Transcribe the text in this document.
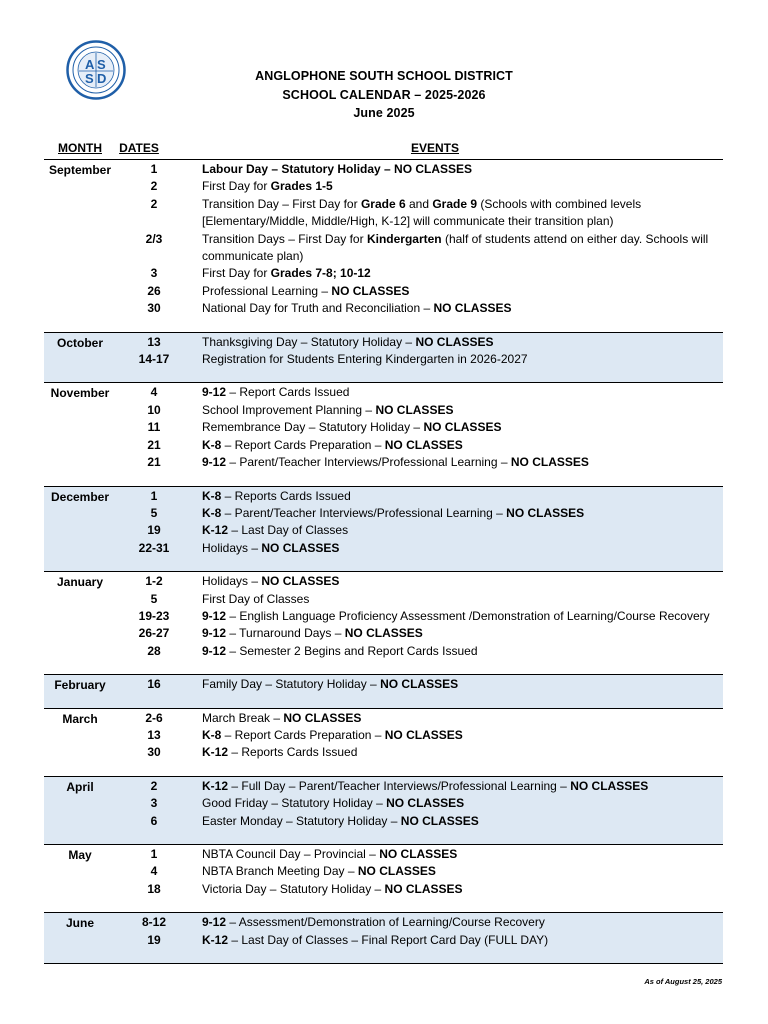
A S
S D	ANGLOPHONE SOUTH SCHOOL DISTRICT
SCHOOL CALENDAR – 2025-2026
June 2025
MONTH	DATES	EVENTS
September	1	Labour Day – Statutory Holiday – NO CLASSES
2	First Day for Grades 1-5
2	Transition Day – First Day for Grade 6 and Grade 9 (Schools with combined levels [Elementary/Middle, Middle/High, K-12] will communicate their transition plan)
2/3	Transition Days – First Day for Kindergarten (half of students attend on either day. Schools will communicate plan)
3	First Day for Grades 7-8; 10-12
26	Professional Learning – NO CLASSES
30	National Day for Truth and Reconciliation – NO CLASSES
October	13	Thanksgiving Day – Statutory Holiday – NO CLASSES
14-17	Registration for Students Entering Kindergarten in 2026-2027
November	4	9-12 – Report Cards Issued
10	School Improvement Planning – NO CLASSES
11	Remembrance Day – Statutory Holiday – NO CLASSES
21	K-8 – Report Cards Preparation – NO CLASSES
21	9-12 – Parent/Teacher Interviews/Professional Learning – NO CLASSES
December	1	K-8 – Reports Cards Issued
5	K-8 – Parent/Teacher Interviews/Professional Learning – NO CLASSES
19	K-12 – Last Day of Classes
22-31	Holidays – NO CLASSES
January	1-2	Holidays – NO CLASSES
5	First Day of Classes
19-23	9-12 – English Language Proficiency Assessment /Demonstration of Learning/Course Recovery
26-27	9-12 – Turnaround Days – NO CLASSES
28	9-12 – Semester 2 Begins and Report Cards Issued
February	16	Family Day – Statutory Holiday – NO CLASSES
March	2-6	March Break – NO CLASSES
13	K-8 – Report Cards Preparation – NO CLASSES
30	K-12 – Reports Cards Issued
April	2	K-12 – Full Day – Parent/Teacher Interviews/Professional Learning – NO CLASSES
3	Good Friday – Statutory Holiday – NO CLASSES
6	Easter Monday – Statutory Holiday – NO CLASSES
May	1	NBTA Council Day – Provincial – NO CLASSES
4	NBTA Branch Meeting Day – NO CLASSES
18	Victoria Day – Statutory Holiday – NO CLASSES
June	8-12	9-12 – Assessment/Demonstration of Learning/Course Recovery
19	K-12 – Last Day of Classes – Final Report Card Day (FULL DAY)
As of August 25, 2025
